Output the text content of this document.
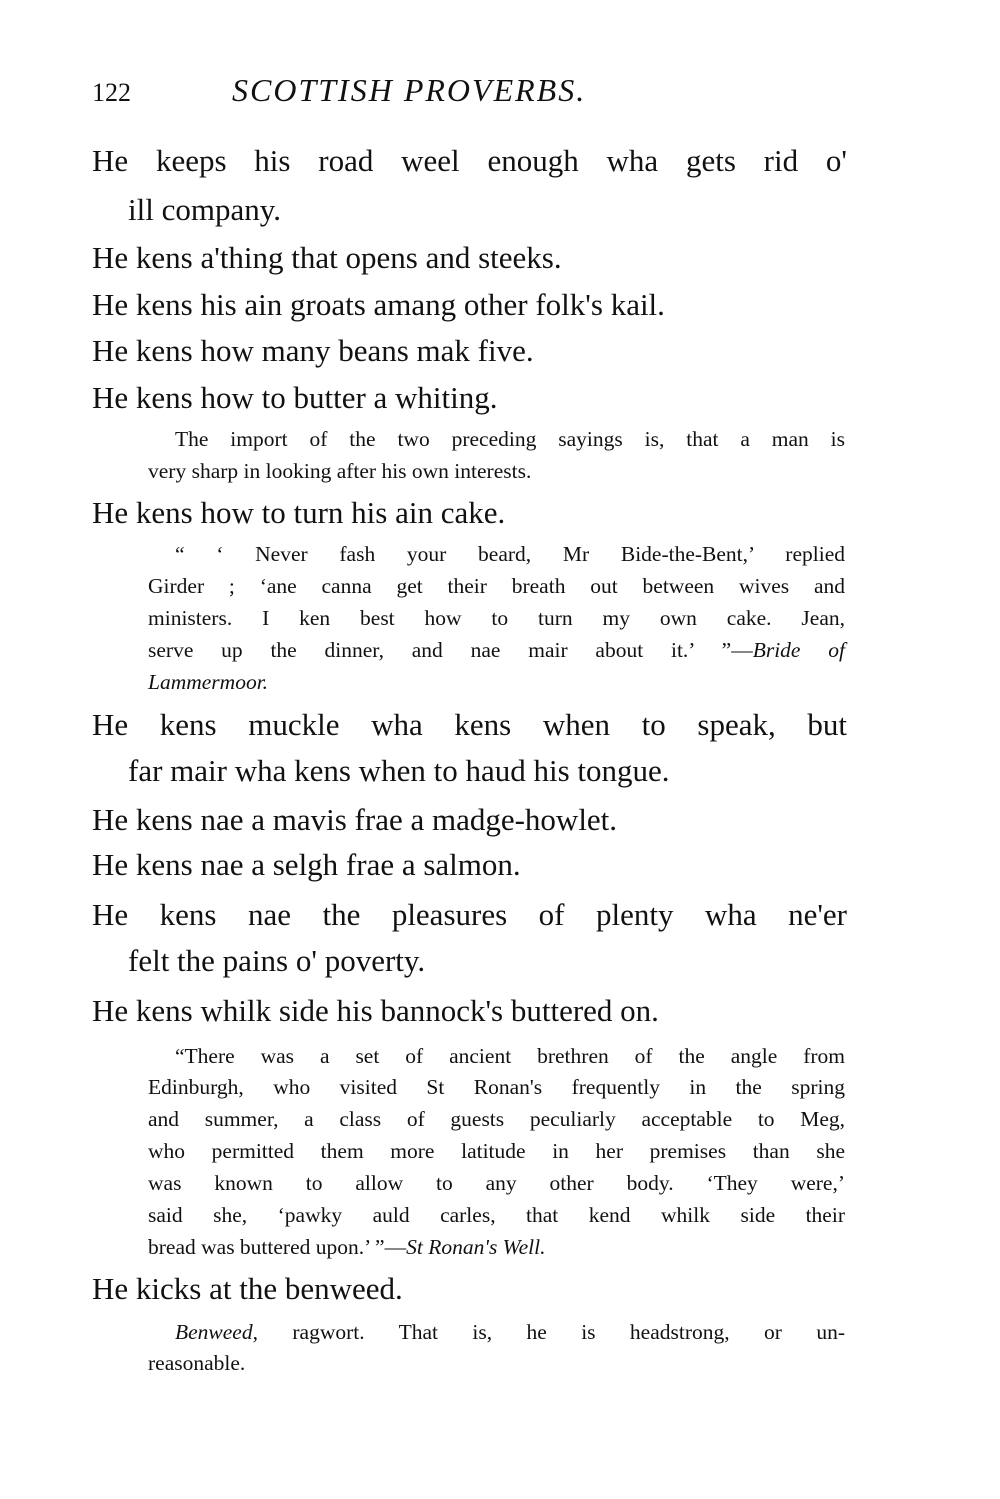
122	SCOTTISH PROVERBS.
He keeps his road weel enough wha gets rid o'
ill company.
He kens a'thing that opens and steeks.
He kens his ain groats amang other folk's kail.
He kens how many beans mak five.
He kens how to butter a whiting.
The import of the two preceding sayings is, that a man is
very sharp in looking after his own interests.
He kens how to turn his ain cake.
“ ‘ Never fash your beard, Mr Bide-the-Bent,’ replied
Girder ; ‘ane canna get their breath out between wives and
ministers. I ken best how to turn my own cake. Jean,
serve up the dinner, and nae mair about it.’ ”—Bride of
Lammermoor.
He kens muckle wha kens when to speak, but
far mair wha kens when to haud his tongue.
He kens nae a mavis frae a madge-howlet.
He kens nae a selgh frae a salmon.
He kens nae the pleasures of plenty wha ne'er
felt the pains o' poverty.
He kens whilk side his bannock's buttered on.
“There was a set of ancient brethren of the angle from
Edinburgh, who visited St Ronan's frequently in the spring
and summer, a class of guests peculiarly acceptable to Meg,
who permitted them more latitude in her premises than she
was known to allow to any other body. ‘They were,’
said she, ‘pawky auld carles, that kend whilk side their
bread was buttered upon.’ ”—St Ronan's Well.
He kicks at the benweed.
Benweed, ragwort. That is, he is headstrong, or un-
reasonable.
